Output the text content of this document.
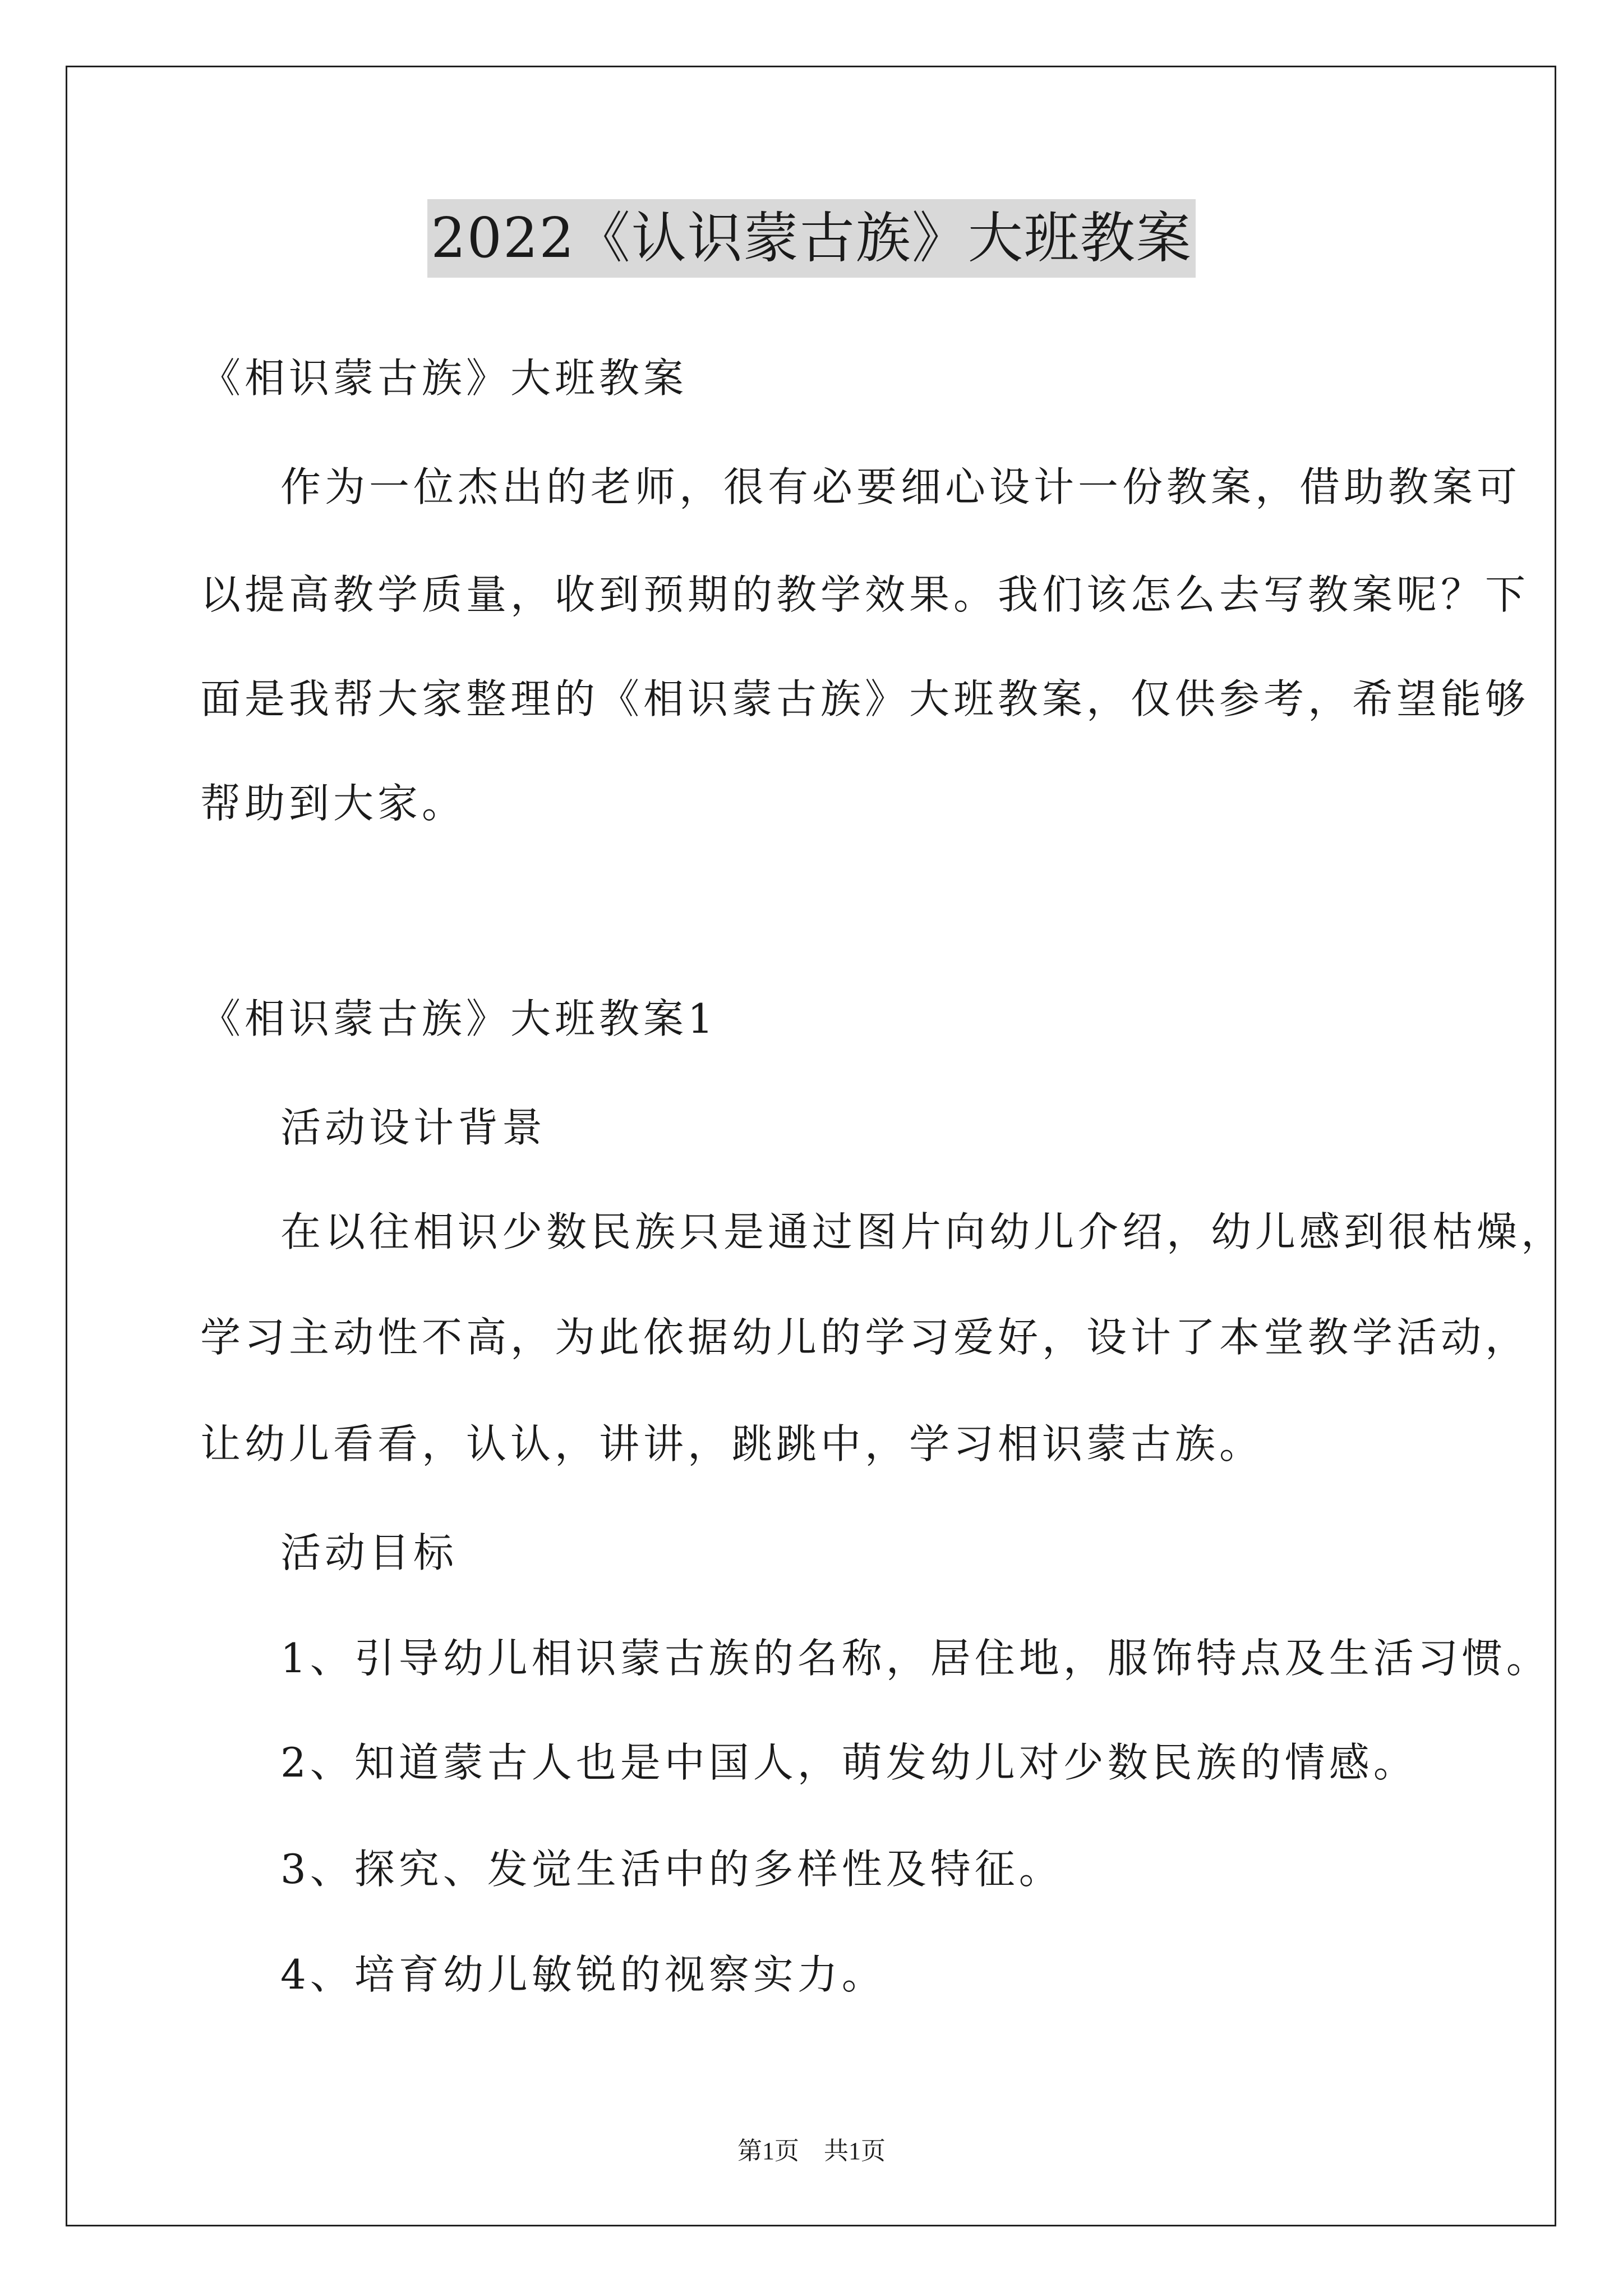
2022《认识蒙古族》大班教案
《相识蒙古族》大班教案
作为一位杰出的老师，很有必要细心设计一份教案，借助教案可
以提高教学质量，收到预期的教学效果。我们该怎么去写教案呢？下
面是我帮大家整理的《相识蒙古族》大班教案，仅供参考，希望能够
帮助到大家。
《相识蒙古族》大班教案1
活动设计背景
在以往相识少数民族只是通过图片向幼儿介绍，幼儿感到很枯燥，
学习主动性不高，为此依据幼儿的学习爱好，设计了本堂教学活动，
让幼儿看看，认认，讲讲，跳跳中，学习相识蒙古族。
活动目标
1、引导幼儿相识蒙古族的名称，居住地，服饰特点及生活习惯。
2、知道蒙古人也是中国人，萌发幼儿对少数民族的情感。
3、探究、发觉生活中的多样性及特征。
4、培育幼儿敏锐的视察实力。
第1页　共1页
